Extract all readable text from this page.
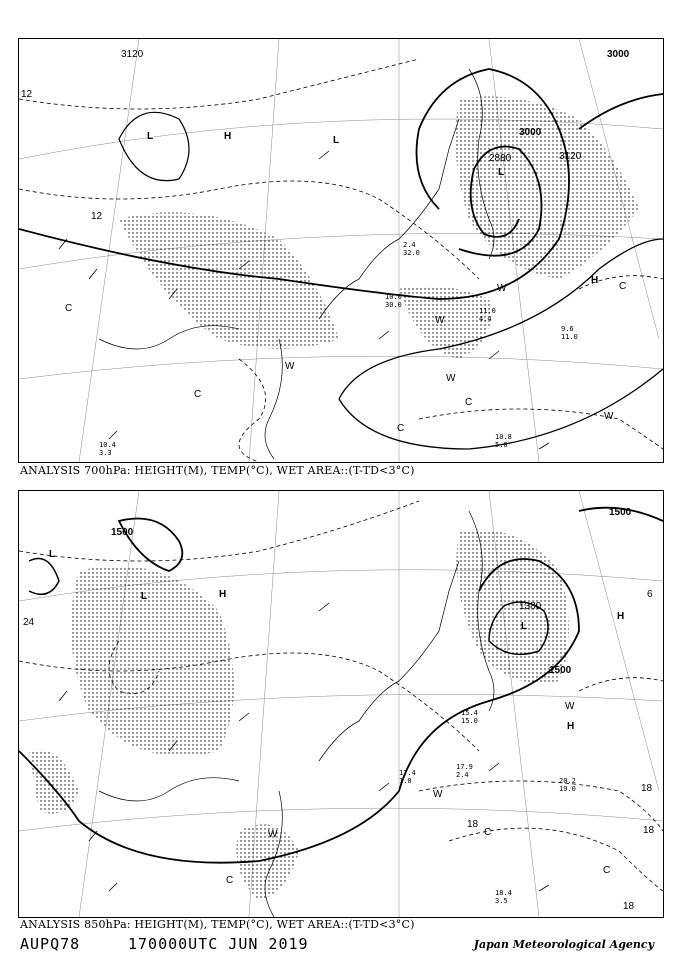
3120	3000
3000
2880	3120
12
12
L	H	L
L
H
W
W
W
W
W
C
C
C
C
C
10.8
5.0
9.6
11.0
11.0
4.4
10.0
30.0
10.4
3.3
2.4
32.0
ANALYSIS 700hPa: HEIGHT(M), TEMP(°C), WET AREA::(T-TD<3°C)
1500
1500
1500
1380
18
18
18
18
24
6
L
L	H
L
H
H
W
W
W	C
C
C
18.4
3.5
17.9
2.4
17.4
1.0	20.2
19.0
15.4
15.0
ANALYSIS 850hPa: HEIGHT(M), TEMP(°C), WET AREA::(T-TD<3°C)
AUPQ78	170000UTC JUN 2019	Japan Meteorological Agency
